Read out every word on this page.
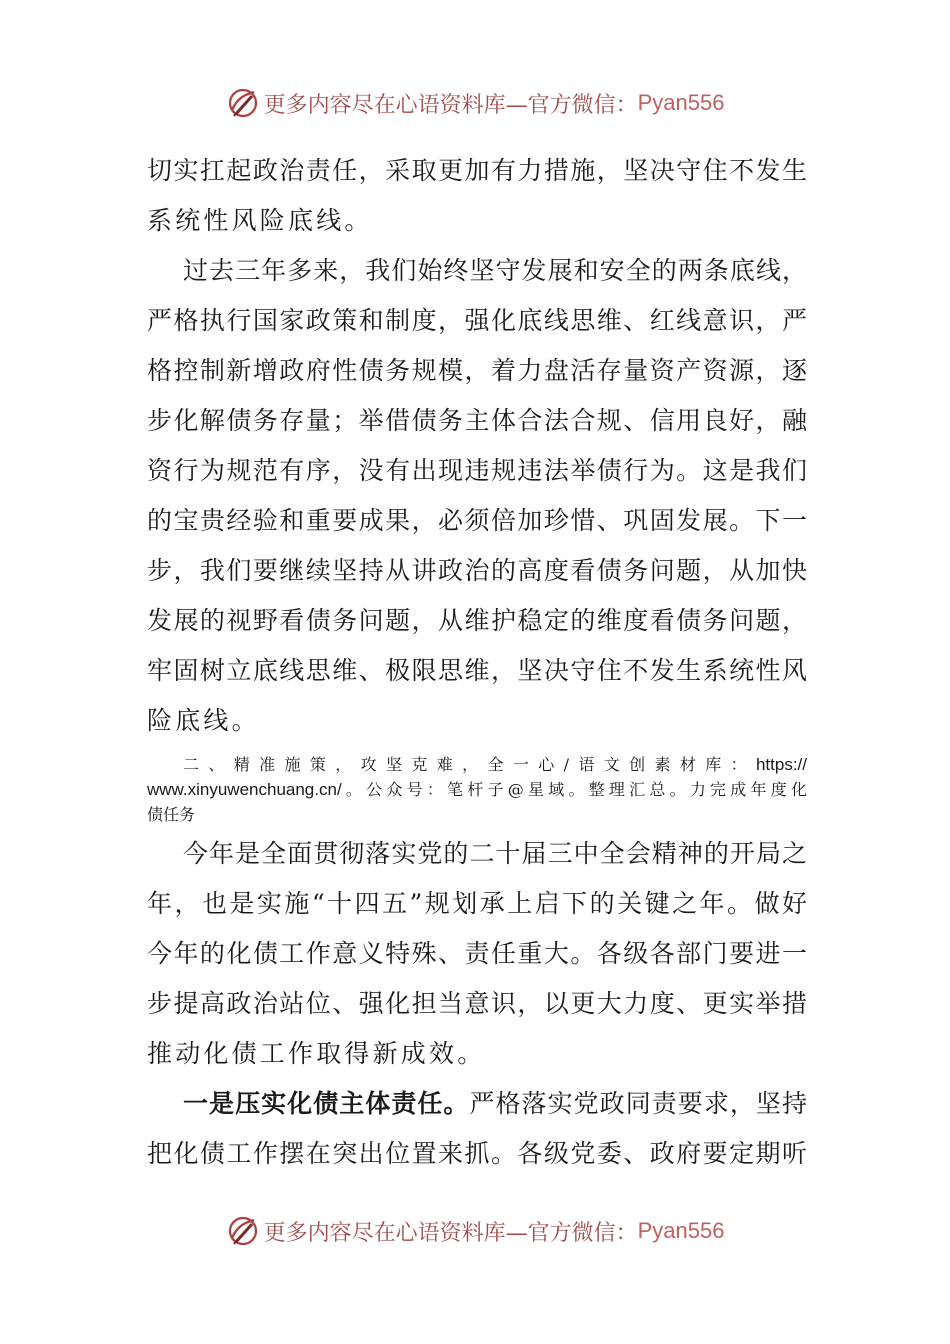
更多内容尽在心语资料库—官方微信： Pyan556
切实扛起政治责任，采取更加有力措施，坚决守住不发生
系统性风险底线。
过去三年多来，我们始终坚守发展和安全的两条底线，
严格执行国家政策和制度，强化底线思维、红线意识，严
格控制新增政府性债务规模，着力盘活存量资产资源，逐
步化解债务存量；举借债务主体合法合规、信用良好，融
资行为规范有序，没有出现违规违法举债行为。这是我们
的宝贵经验和重要成果，必须倍加珍惜、巩固发展。下一
步，我们要继续坚持从讲政治的高度看债务问题，从加快
发展的视野看债务问题，从维护稳定的维度看债务问题，
牢固树立底线思维、极限思维，坚决守住不发生系统性风
险底线。
二、精准施策，攻坚克难，全一心/语文创素材库：https://
www.xinyuwenchuang.cn/。公众号：笔杆子@星域。整理汇总。力完成年度化
债任务
今年是全面贯彻落实党的二十届三中全会精神的开局之
年，也是实施“十四五”规划承上启下的关键之年。做好
今年的化债工作意义特殊、责任重大。各级各部门要进一
步提高政治站位、强化担当意识，以更大力度、更实举措
推动化债工作取得新成效。
一是压实化债主体责任。严格落实党政同责要求，坚持
把化债工作摆在突出位置来抓。各级党委、政府要定期听
更多内容尽在心语资料库—官方微信： Pyan556
